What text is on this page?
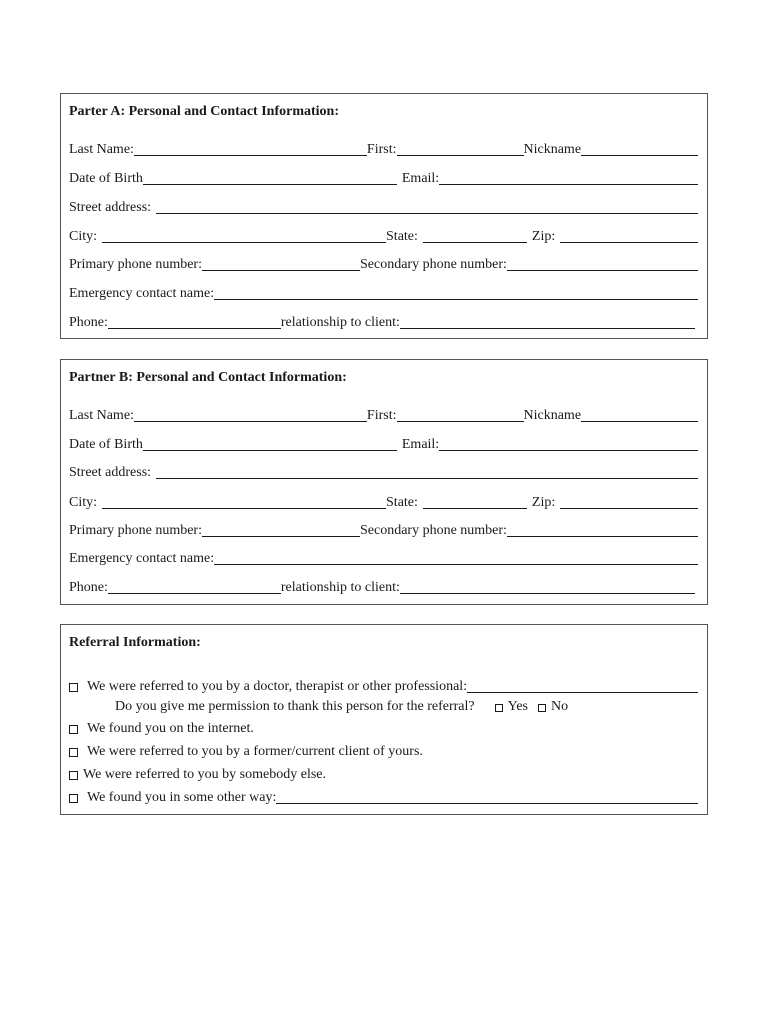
Parter A: Personal and Contact Information:
Last Name:	First:	Nickname
Date of Birth	Email:
Street address:
City:	State:	Zip:
Primary phone number:	Secondary phone number:
Emergency contact name:
Phone:	relationship to client:
Partner B: Personal and Contact Information:
Last Name:	First:	Nickname
Date of Birth	Email:
Street address:
City:	State:	Zip:
Primary phone number:	Secondary phone number:
Emergency contact name:
Phone:	relationship to client:
Referral Information:
We were referred to you by a doctor, therapist or other professional:
Do you give me permission to thank this person for the referral? Yes No
We found you on the internet.
We were referred to you by a former/current client of yours.
We were referred to you by somebody else.
We found you in some other way:
